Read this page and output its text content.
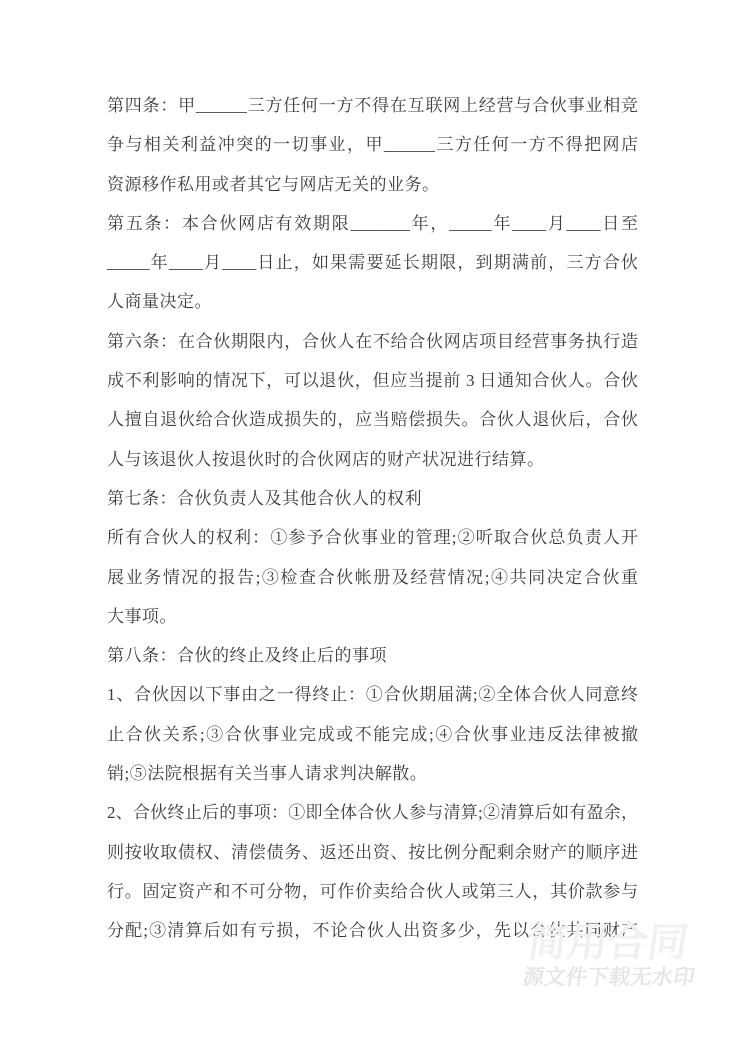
第四条：甲______三方任何一方不得在互联网上经营与合伙事业相竞
争与相关利益冲突的一切事业，甲______三方任何一方不得把网店
资源移作私用或者其它与网店无关的业务。
第五条：本合伙网店有效期限_______年，_____年____月____日至
_____年____月____日止，如果需要延长期限，到期满前，三方合伙
人商量决定。
第六条：在合伙期限内，合伙人在不给合伙网店项目经营事务执行造
成不利影响的情况下，可以退伙，但应当提前 3 日通知合伙人。合伙
人擅自退伙给合伙造成损失的，应当赔偿损失。合伙人退伙后，合伙
人与该退伙人按退伙时的合伙网店的财产状况进行结算。
第七条：合伙负责人及其他合伙人的权利
所有合伙人的权利：①参予合伙事业的管理;②听取合伙总负责人开
展业务情况的报告;③检查合伙帐册及经营情况;④共同决定合伙重
大事项。
第八条：合伙的终止及终止后的事项
1、合伙因以下事由之一得终止：①合伙期届满;②全体合伙人同意终
止合伙关系;③合伙事业完成或不能完成;④合伙事业违反法律被撤
销;⑤法院根据有关当事人请求判决解散。
2、合伙终止后的事项：①即全体合伙人参与清算;②清算后如有盈余，
则按收取债权、清偿债务、返还出资、按比例分配剩余财产的顺序进
行。固定资产和不可分物，可作价卖给合伙人或第三人，其价款参与
分配;③清算后如有亏损，不论合伙人出资多少，先以合伙共同财产
简用合同
源文件下载无水印
